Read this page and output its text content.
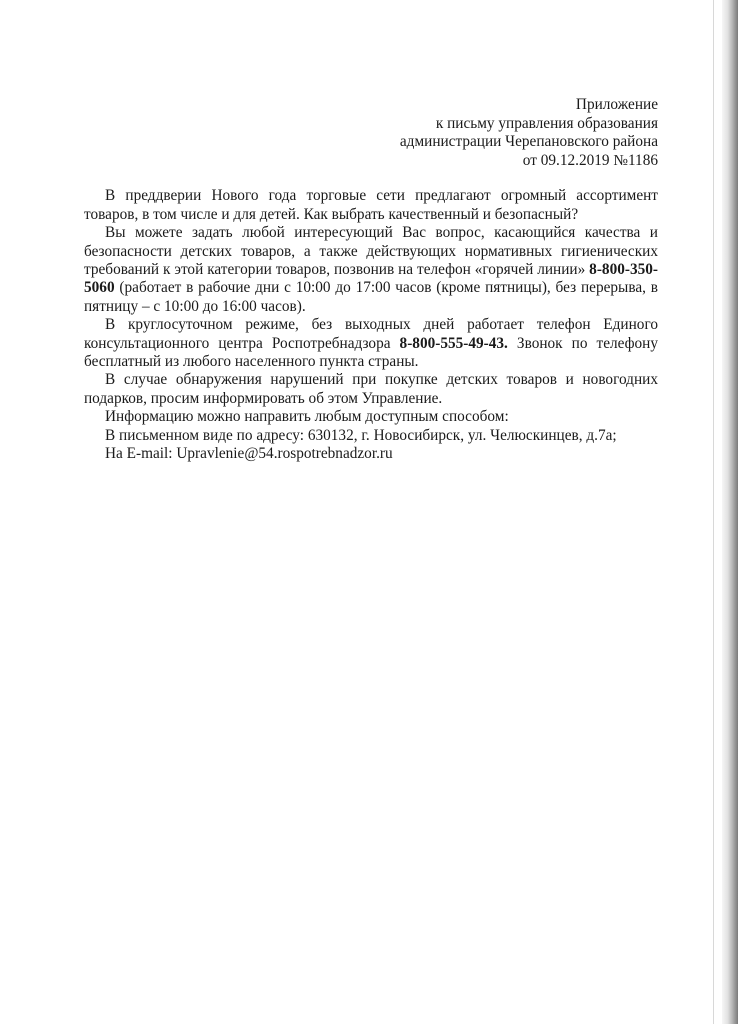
Приложение
к письму управления образования
администрации Черепановского района
от 09.12.2019 №1186

В преддверии Нового года торговые сети предлагают огромный ассортимент товаров, в том числе и для детей. Как выбрать качественный и безопасный?

Вы можете задать любой интересующий Вас вопрос, касающийся качества и безопасности детских товаров, а также действующих нормативных гигиенических требований к этой категории товаров, позвонив на телефон «горячей линии» 8-800-350-5060 (работает в рабочие дни с 10:00 до 17:00 часов (кроме пятницы), без перерыва, в пятницу – с 10:00 до 16:00 часов).

В круглосуточном режиме, без выходных дней работает телефон Единого консультационного центра Роспотребнадзора 8-800-555-49-43. Звонок по телефону бесплатный из любого населенного пункта страны.

В случае обнаружения нарушений при покупке детских товаров и новогодних подарков, просим информировать об этом Управление.

Информацию можно направить любым доступным способом:

В письменном виде по адресу: 630132, г. Новосибирск, ул. Челюскинцев, д.7а;

На E-mail: Upravlenie@54.rospotrebnadzor.ru
